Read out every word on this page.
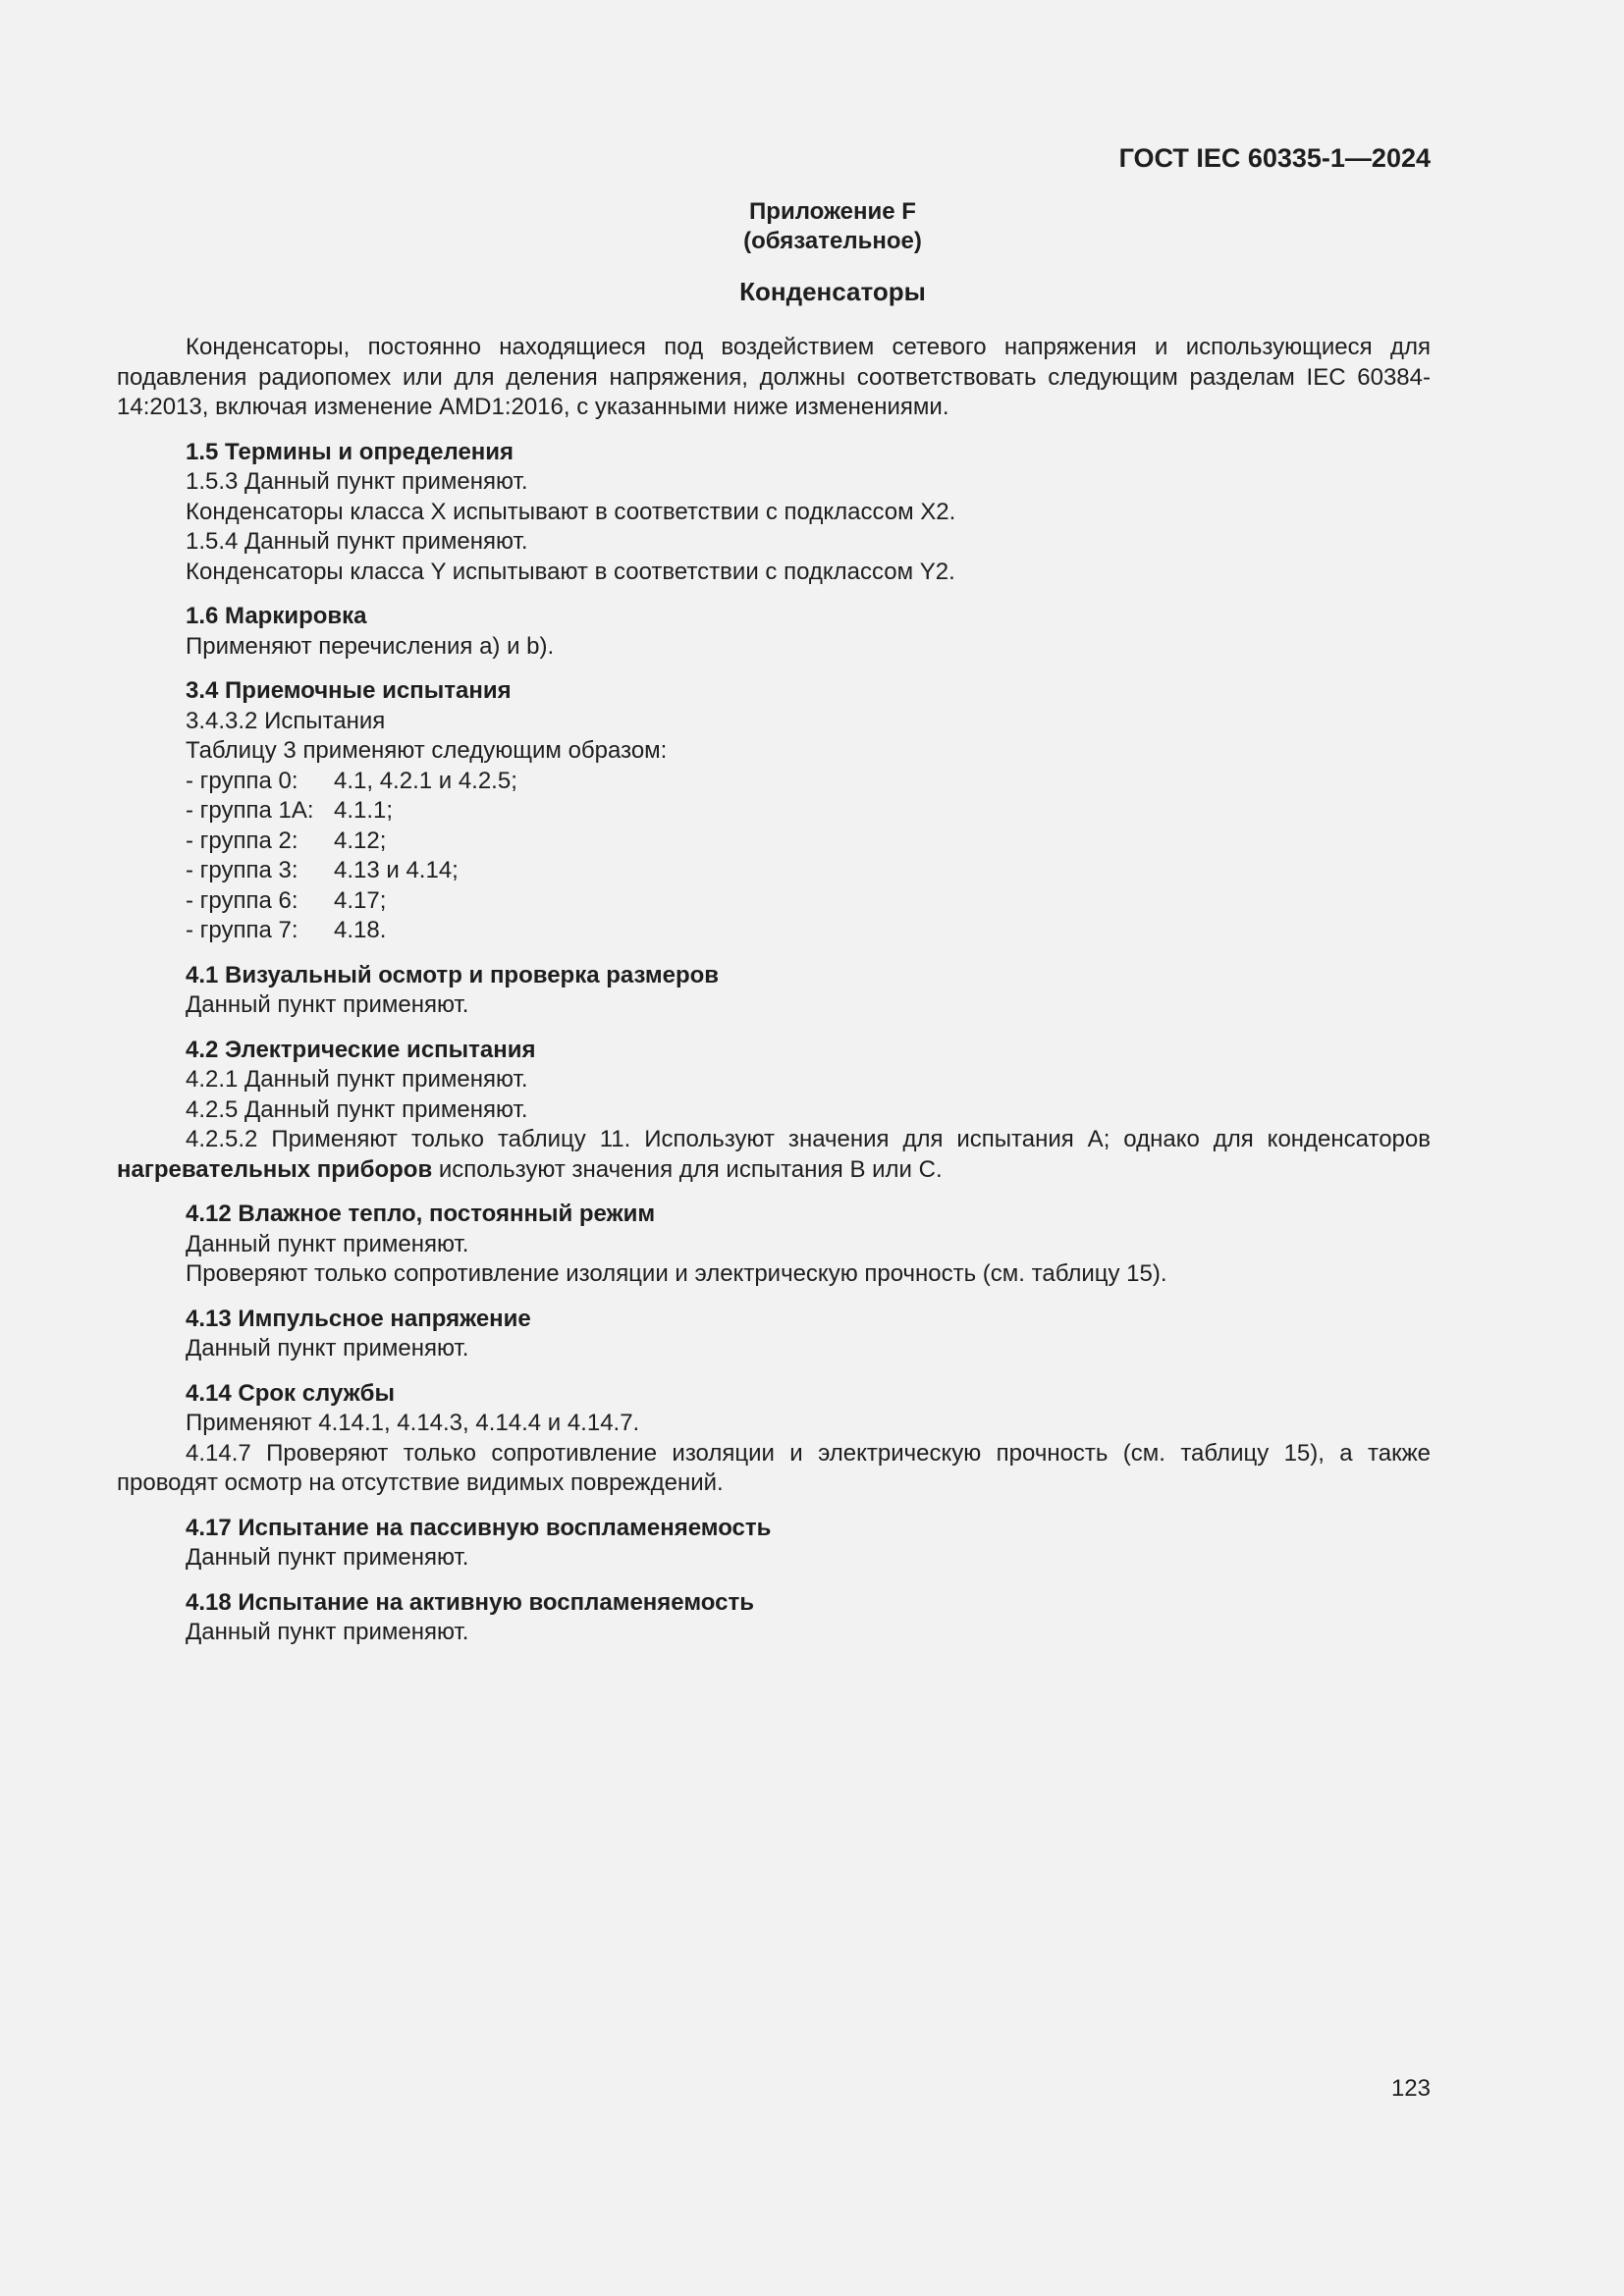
ГОСТ IEC 60335-1—2024
Приложение F
(обязательное)
Конденсаторы
Конденсаторы, постоянно находящиеся под воздействием сетевого напряжения и использующиеся для подавления радиопомех или для деления напряжения, должны соответствовать следующим разделам IEC 60384-14:2013, включая изменение AMD1:2016, с указанными ниже изменениями.
1.5 Термины и определения
1.5.3 Данный пункт применяют.
Конденсаторы класса X испытывают в соответствии с подклассом X2.
1.5.4 Данный пункт применяют.
Конденсаторы класса Y испытывают в соответствии с подклассом Y2.
1.6 Маркировка
Применяют перечисления a) и b).
3.4 Приемочные испытания
3.4.3.2 Испытания
Таблицу 3 применяют следующим образом:
- группа 0:	4.1, 4.2.1 и 4.2.5;
- группа 1A: 4.1.1;
- группа 2:	4.12;
- группа 3:	4.13 и 4.14;
- группа 6:	4.17;
- группа 7:	4.18.
4.1 Визуальный осмотр и проверка размеров
Данный пункт применяют.
4.2 Электрические испытания
4.2.1 Данный пункт применяют.
4.2.5 Данный пункт применяют.
4.2.5.2 Применяют только таблицу 11. Используют значения для испытания А; однако для конденсаторов нагревательных приборов используют значения для испытания В или С.
4.12 Влажное тепло, постоянный режим
Данный пункт применяют.
Проверяют только сопротивление изоляции и электрическую прочность (см. таблицу 15).
4.13 Импульсное напряжение
Данный пункт применяют.
4.14 Срок службы
Применяют 4.14.1, 4.14.3, 4.14.4 и 4.14.7.
4.14.7 Проверяют только сопротивление изоляции и электрическую прочность (см. таблицу 15), а также проводят осмотр на отсутствие видимых повреждений.
4.17 Испытание на пассивную воспламеняемость
Данный пункт применяют.
4.18 Испытание на активную воспламеняемость
Данный пункт применяют.
123
